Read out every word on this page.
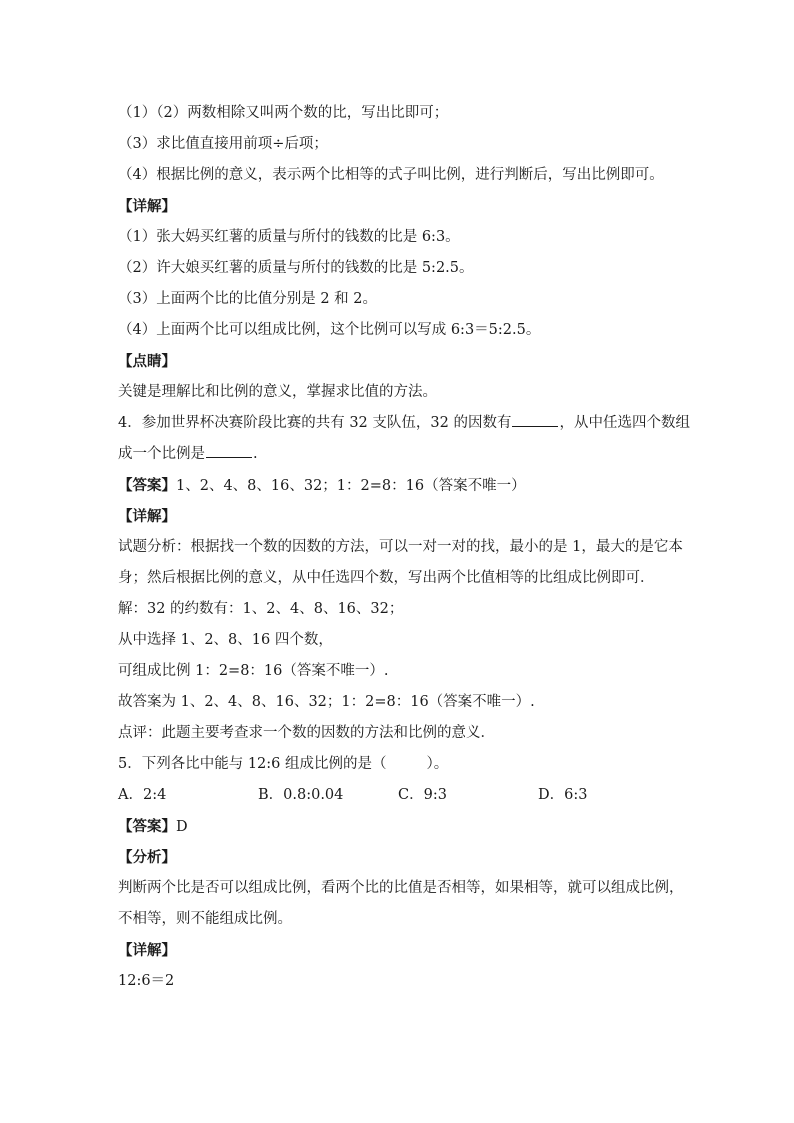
（1）（2）两数相除又叫两个数的比，写出比即可；
（3）求比值直接用前项÷后项；
（4）根据比例的意义，表示两个比相等的式子叫比例，进行判断后，写出比例即可。
【详解】
（1）张大妈买红薯的质量与所付的钱数的比是 6:3。
（2）许大娘买红薯的质量与所付的钱数的比是 5:2.5。
（3）上面两个比的比值分别是 2 和 2。
（4）上面两个比可以组成比例，这个比例可以写成 6:3＝5:2.5。
【点睛】
关键是理解比和比例的意义，掌握求比值的方法。
4．参加世界杯决赛阶段比赛的共有 32 支队伍，32 的因数有	，从中任选四个数组
成一个比例是	.
【答案】1、2、4、8、16、32；1：2=8：16（答案不唯一）
【详解】
试题分析：根据找一个数的因数的方法，可以一对一对的找，最小的是 1，最大的是它本
身；然后根据比例的意义，从中任选四个数，写出两个比值相等的比组成比例即可．
解：32 的约数有：1、2、4、8、16、32；
从中选择 1、2、8、16 四个数，
可组成比例 1：2=8：16（答案不唯一）.
故答案为 1、2、4、8、16、32；1：2=8：16（答案不唯一）.
点评：此题主要考查求一个数的因数的方法和比例的意义．
5．下列各比中能与 12:6 组成比例的是（	）。
A．2:4	B．0.8:0.04	C．9:3	D．6:3
【答案】D
【分析】
判断两个比是否可以组成比例，看两个比的比值是否相等，如果相等，就可以组成比例，
不相等，则不能组成比例。
【详解】
12:6＝2
